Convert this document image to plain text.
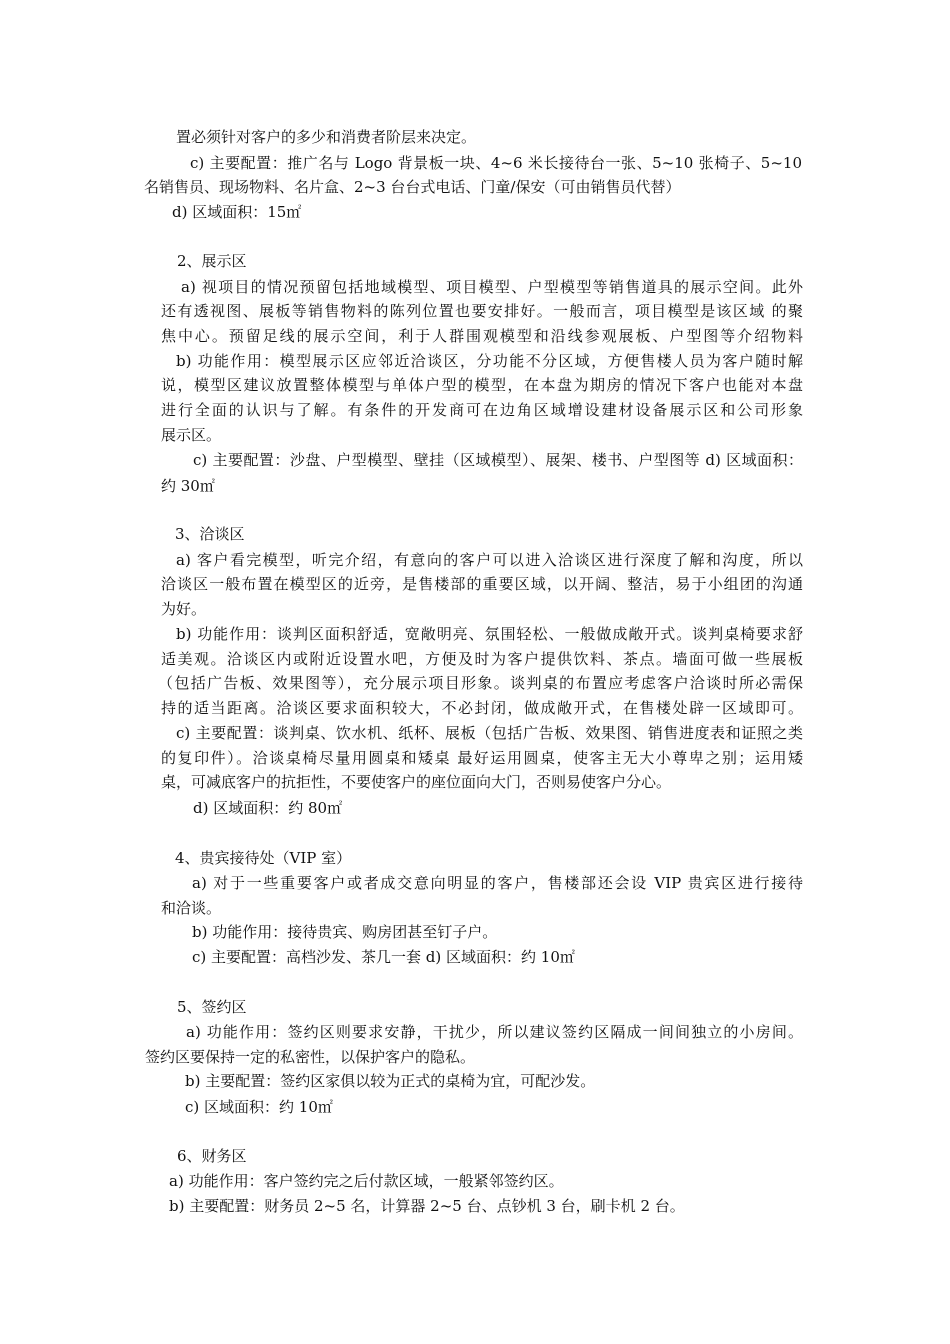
置必须针对客户的多少和消费者阶层来决定。
c) 主要配置：推广名与 Logo 背景板一块、4~6 米长接待台一张、5~10 张椅子、5~10
名销售员、现场物料、名片盒、2~3 台台式电话、门童/保安（可由销售员代替）
d) 区域面积：15㎡
2、展示区
a) 视项目的情况预留包括地域模型、项目模型、户型模型等销售道具的展示空间。此外
还有透视图、展板等销售物料的陈列位置也要安排好。一般而言，项目模型是该区域 的聚
焦中心。预留足线的展示空间，利于人群围观模型和沿线参观展板、户型图等介绍物料
b) 功能作用：模型展示区应邻近洽谈区，分功能不分区域，方便售楼人员为客户随时解
说，模型区建议放置整体模型与单体户型的模型，在本盘为期房的情况下客户也能对本盘
进行全面的认识与了解。有条件的开发商可在边角区域增设建材设备展示区和公司形象
展示区。
c) 主要配置：沙盘、户型模型、壁挂（区域模型）、展架、楼书、户型图等 d) 区域面积：
约 30㎡
3、洽谈区
a) 客户看完模型，听完介绍，有意向的客户可以进入洽谈区进行深度了解和沟度，所以
洽谈区一般布置在模型区的近旁，是售楼部的重要区域，以开阔、整洁，易于小组团的沟通
为好。
b) 功能作用：谈判区面积舒适，宽敞明亮、氛围轻松、一般做成敞开式。谈判桌椅要求舒
适美观。洽谈区内或附近设置水吧，方便及时为客户提供饮料、茶点。墙面可做一些展板
（包括广告板、效果图等），充分展示项目形象。谈判桌的布置应考虑客户洽谈时所必需保
持的适当距离。洽谈区要求面积较大，不必封闭，做成敞开式，在售楼处辟一区域即可。
c) 主要配置：谈判桌、饮水机、纸杯、展板（包括广告板、效果图、销售进度表和证照之类
的复印件）。洽谈桌椅尽量用圆桌和矮桌 最好运用圆桌，使客主无大小尊卑之别；运用矮
桌，可减底客户的抗拒性，不要使客户的座位面向大门，否则易使客户分心。
d) 区域面积：约 80㎡
4、贵宾接待处（VIP 室）
a) 对于一些重要客户或者成交意向明显的客户，售楼部还会设 VIP 贵宾区进行接待
和洽谈。
b) 功能作用：接待贵宾、购房团甚至钉子户。
c) 主要配置：高档沙发、茶几一套 d) 区域面积：约 10㎡
5、签约区
a) 功能作用：签约区则要求安静，干扰少，所以建议签约区隔成一间间独立的小房间。
签约区要保持一定的私密性，以保护客户的隐私。
b) 主要配置：签约区家俱以较为正式的桌椅为宜，可配沙发。
c) 区域面积：约 10㎡
6、财务区
a) 功能作用：客户签约完之后付款区域，一般紧邻签约区。
b) 主要配置：财务员 2~5 名，计算器 2~5 台、点钞机 3 台，刷卡机 2 台。
